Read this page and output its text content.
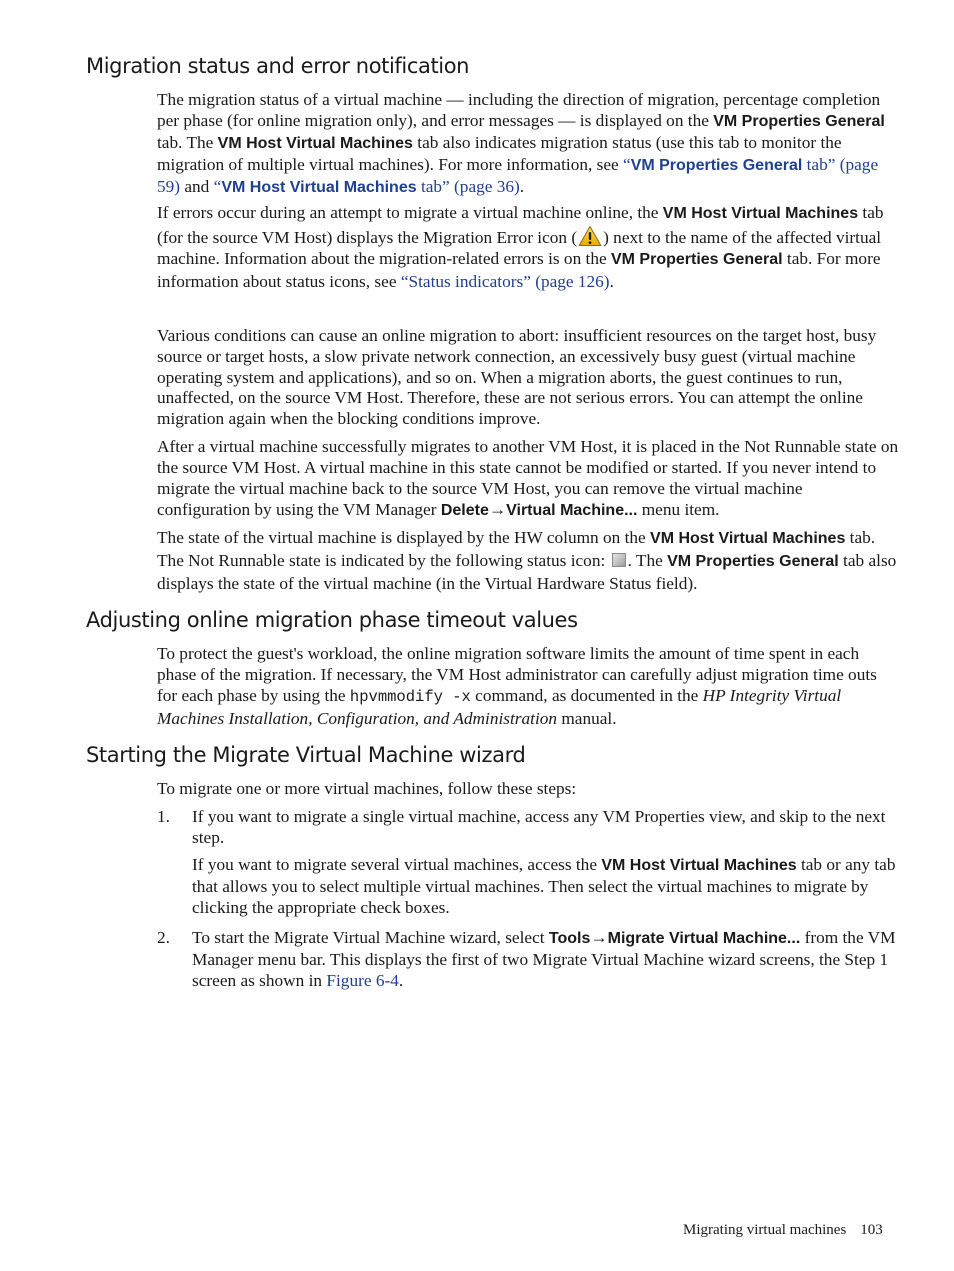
Migration status and error notification

The migration status of a virtual machine — including the direction of migration, percentage completion per phase (for online migration only), and error messages — is displayed on the VM Properties General tab. The VM Host Virtual Machines tab also indicates migration status (use this tab to monitor the migration of multiple virtual machines). For more information, see “VM Properties General tab” (page 59) and “VM Host Virtual Machines tab” (page 36).

If errors occur during an attempt to migrate a virtual machine online, the VM Host Virtual Machines tab (for the source VM Host) displays the Migration Error icon ( ) next to the name of the affected virtual machine. Information about the migration-related errors is on the VM Properties General tab. For more information about status icons, see “Status indicators” (page 126).

Various conditions can cause an online migration to abort: insufficient resources on the target host, busy source or target hosts, a slow private network connection, an excessively busy guest (virtual machine operating system and applications), and so on. When a migration aborts, the guest continues to run, unaffected, on the source VM Host. Therefore, these are not serious errors. You can attempt the online migration again when the blocking conditions improve.

After a virtual machine successfully migrates to another VM Host, it is placed in the Not Runnable state on the source VM Host. A virtual machine in this state cannot be modified or started. If you never intend to migrate the virtual machine back to the source VM Host, you can remove the virtual machine configuration by using the VM Manager Delete→Virtual Machine... menu item.

The state of the virtual machine is displayed by the HW column on the VM Host Virtual Machines tab. The Not Runnable state is indicated by the following status icon: . The VM Properties General tab also displays the state of the virtual machine (in the Virtual Hardware Status field).

Adjusting online migration phase timeout values

To protect the guest's workload, the online migration software limits the amount of time spent in each phase of the migration. If necessary, the VM Host administrator can carefully adjust migration time outs for each phase by using the hpvmmodify -x command, as documented in the HP Integrity Virtual Machines Installation, Configuration, and Administration manual.

Starting the Migrate Virtual Machine wizard

To migrate one or more virtual machines, follow these steps:

1. If you want to migrate a single virtual machine, access any VM Properties view, and skip to the next step.

If you want to migrate several virtual machines, access the VM Host Virtual Machines tab or any tab that allows you to select multiple virtual machines. Then select the virtual machines to migrate by clicking the appropriate check boxes.

2. To start the Migrate Virtual Machine wizard, select Tools→Migrate Virtual Machine... from the VM Manager menu bar. This displays the first of two Migrate Virtual Machine wizard screens, the Step 1 screen as shown in Figure 6-4.

Migrating virtual machines 103
